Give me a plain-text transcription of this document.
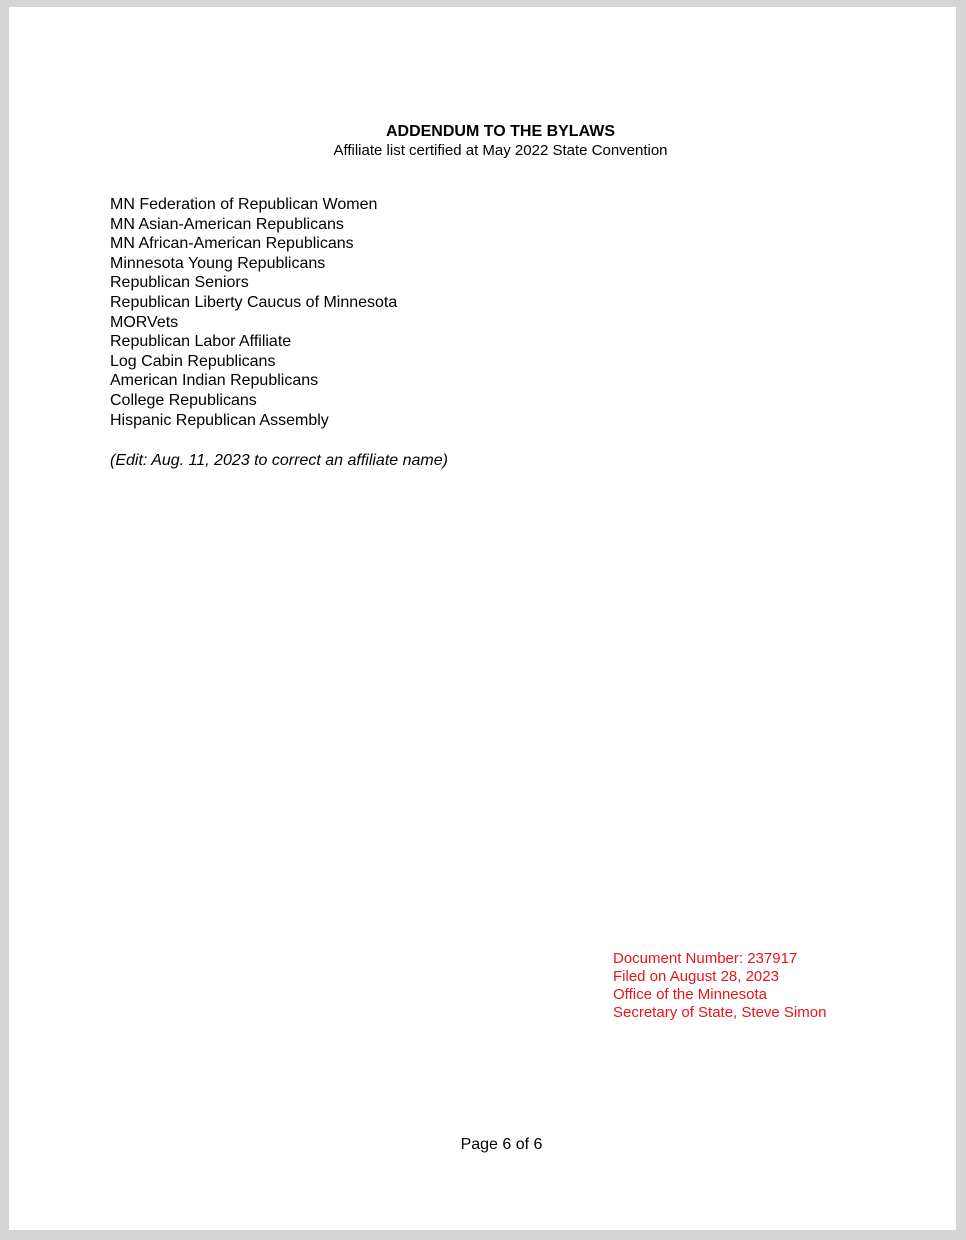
ADDENDUM TO THE BYLAWS
Affiliate list certified at May 2022 State Convention
MN Federation of Republican Women
MN Asian-American Republicans
MN African-American Republicans
Minnesota Young Republicans
Republican Seniors
Republican Liberty Caucus of Minnesota
MORVets
Republican Labor Affiliate
Log Cabin Republicans
American Indian Republicans
College Republicans
Hispanic Republican Assembly
(Edit: Aug. 11, 2023 to correct an affiliate name)
Document Number: 237917
Filed on August 28, 2023
Office of the Minnesota
Secretary of State, Steve Simon
Page 6 of 6
